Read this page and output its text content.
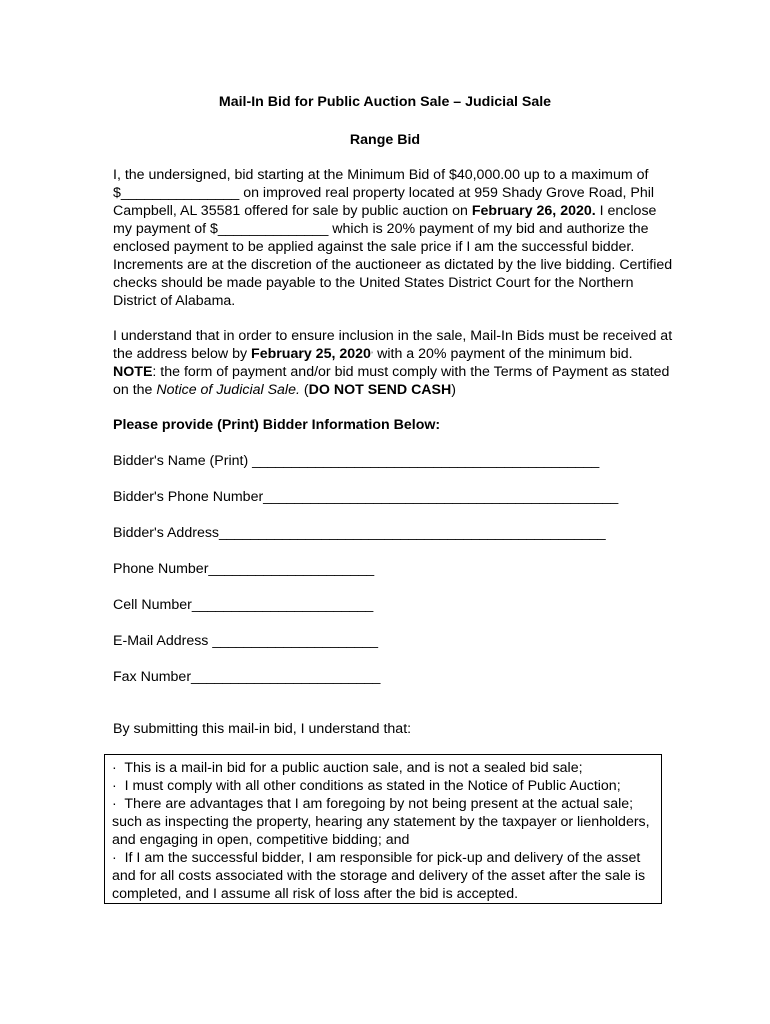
Mail-In Bid for Public Auction Sale – Judicial Sale
Range Bid
I, the undersigned, bid starting at the Minimum Bid of $40,000.00 up to a maximum of $_______________ on improved real property located at 959 Shady Grove Road, Phil Campbell, AL 35581 offered for sale by public auction on February 26, 2020. I enclose my payment of $______________ which is 20% payment of my bid and authorize the enclosed payment to be applied against the sale price if I am the successful bidder. Increments are at the discretion of the auctioneer as dictated by the live bidding. Certified checks should be made payable to the United States District Court for the Northern District of Alabama.
I understand that in order to ensure inclusion in the sale, Mail-In Bids must be received at the address below by February 25, 2020, with a 20% payment of the minimum bid. NOTE: the form of payment and/or bid must comply with the Terms of Payment as stated on the Notice of Judicial Sale. (DO NOT SEND CASH)
Please provide (Print) Bidder Information Below:
Bidder's Name (Print) ____________________________________________
Bidder's Phone Number_____________________________________________
Bidder's Address_________________________________________________
Phone Number_____________________
Cell Number_______________________
E-Mail Address _____________________
Fax Number________________________
By submitting this mail-in bid, I understand that:
·  This is a mail-in bid for a public auction sale, and is not a sealed bid sale;
·  I must comply with all other conditions as stated in the Notice of Public Auction;
·  There are advantages that I am foregoing by not being present at the actual sale; such as inspecting the property, hearing any statement by the taxpayer or lienholders, and engaging in open, competitive bidding; and
·  If I am the successful bidder, I am responsible for pick-up and delivery of the asset and for all costs associated with the storage and delivery of the asset after the sale is completed, and I assume all risk of loss after the bid is accepted.
